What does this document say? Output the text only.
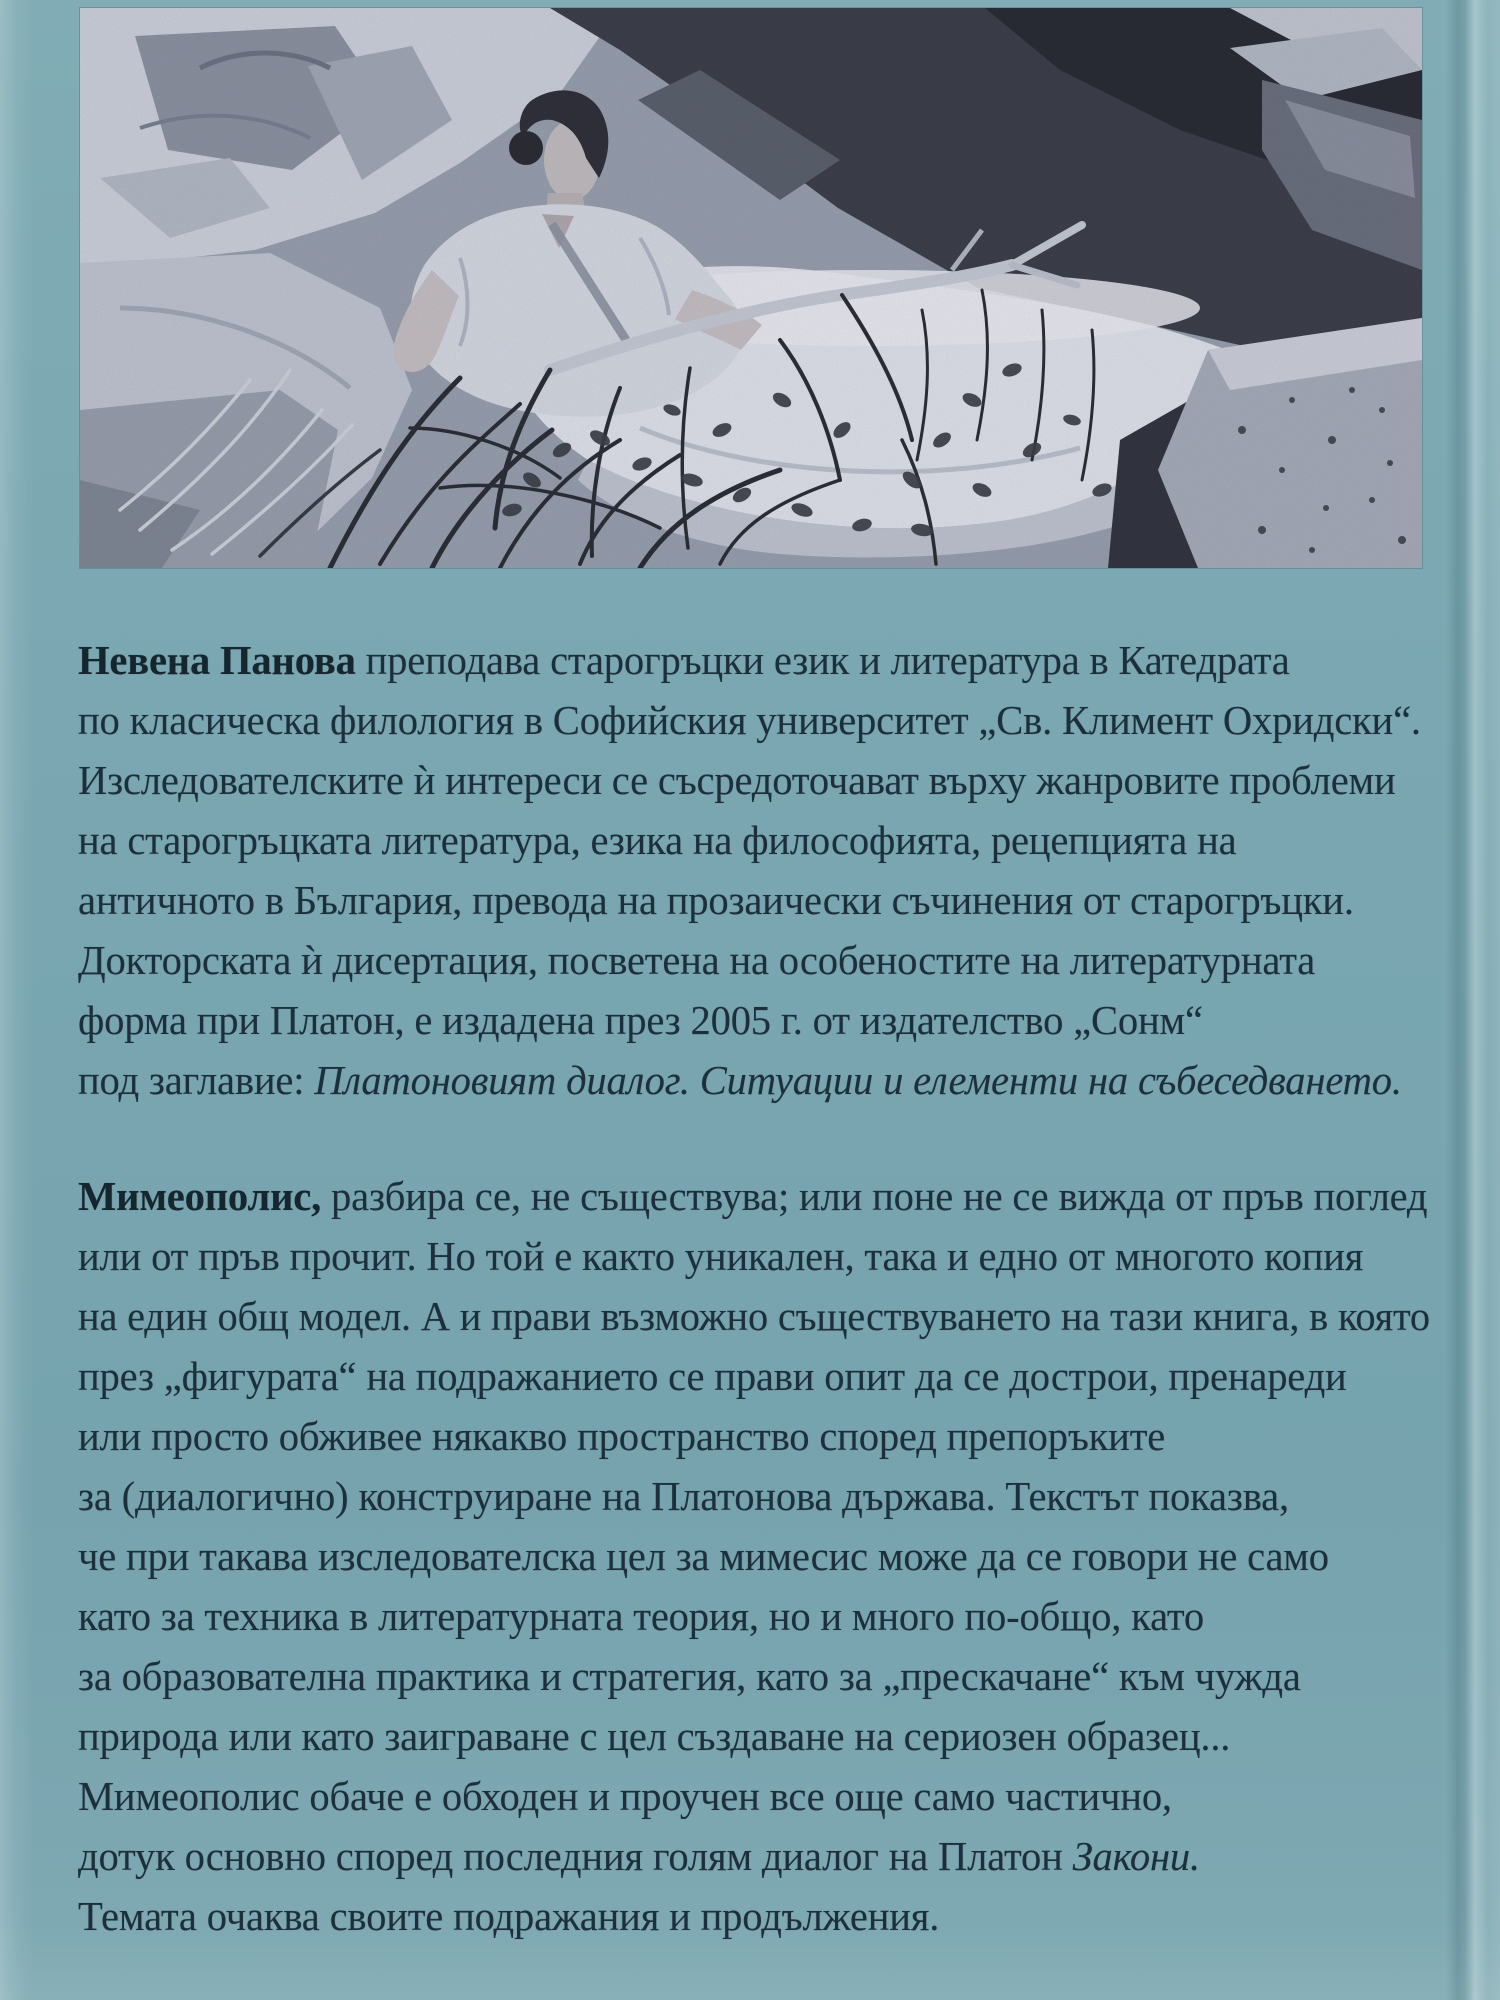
Невена Панова преподава старогръцки език и литература в Катедрата
по класическа филология в Софийския университет „Св. Климент Охридски“.
Изследователските ѝ интереси се съсредоточават върху жанровите проблеми
на старогръцката литература, езика на философията, рецепцията на
античното в България, превода на прозаически съчинения от старогръцки.
Докторската ѝ дисертация, посветена на особеностите на литературната
форма при Платон, е издадена през 2005 г. от издателство „Сонм“
под заглавие: Платоновият диалог. Ситуации и елементи на събеседването.
Мимеополис, разбира се, не съществува; или поне не се вижда от пръв поглед
или от пръв прочит. Но той е както уникален, така и едно от многото копия
на един общ модел. А и прави възможно съществуването на тази книга, в която
през „фигурата“ на подражанието се прави опит да се дострои, пренареди
или просто обживее някакво пространство според препоръките
за (диалогично) конструиране на Платонова държава. Текстът показва,
че при такава изследователска цел за мимесис може да се говори не само
като за техника в литературната теория, но и много по-общо, като
за образователна практика и стратегия, като за „прескачане“ към чужда
природа или като заиграване с цел създаване на сериозен образец...
Мимеополис обаче е обходен и проучен все още само частично,
дотук основно според последния голям диалог на Платон Закони.
Темата очаква своите подражания и продължения.
